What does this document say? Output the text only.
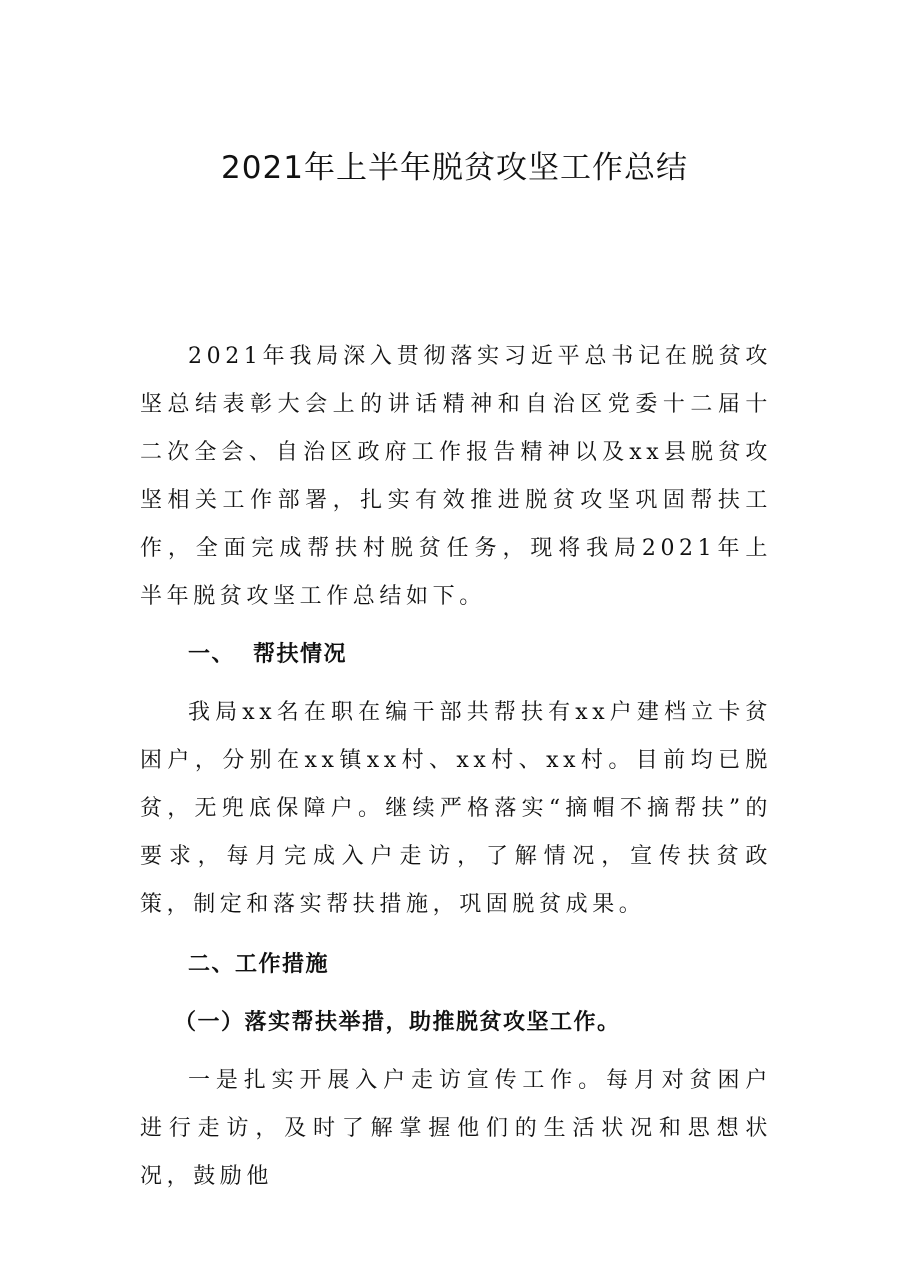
2021年上半年脱贫攻坚工作总结

2021年我局深入贯彻落实习近平总书记在脱贫攻坚总结表彰大会上的讲话精神和自治区党委十二届十二次全会、自治区政府工作报告精神以及xx县脱贫攻坚相关工作部署，扎实有效推进脱贫攻坚巩固帮扶工作，全面完成帮扶村脱贫任务，现将我局2021年上半年脱贫攻坚工作总结如下。

一、 帮扶情况

我局xx名在职在编干部共帮扶有xx户建档立卡贫困户，分别在xx镇xx村、xx村、xx村。目前均已脱贫，无兜底保障户。继续严格落实“摘帽不摘帮扶”的要求，每月完成入户走访，了解情况，宣传扶贫政策，制定和落实帮扶措施，巩固脱贫成果。

二、工作措施
（一）落实帮扶举措，助推脱贫攻坚工作。

一是扎实开展入户走访宣传工作。每月对贫困户进行走访，及时了解掌握他们的生活状况和思想状况，鼓励他
